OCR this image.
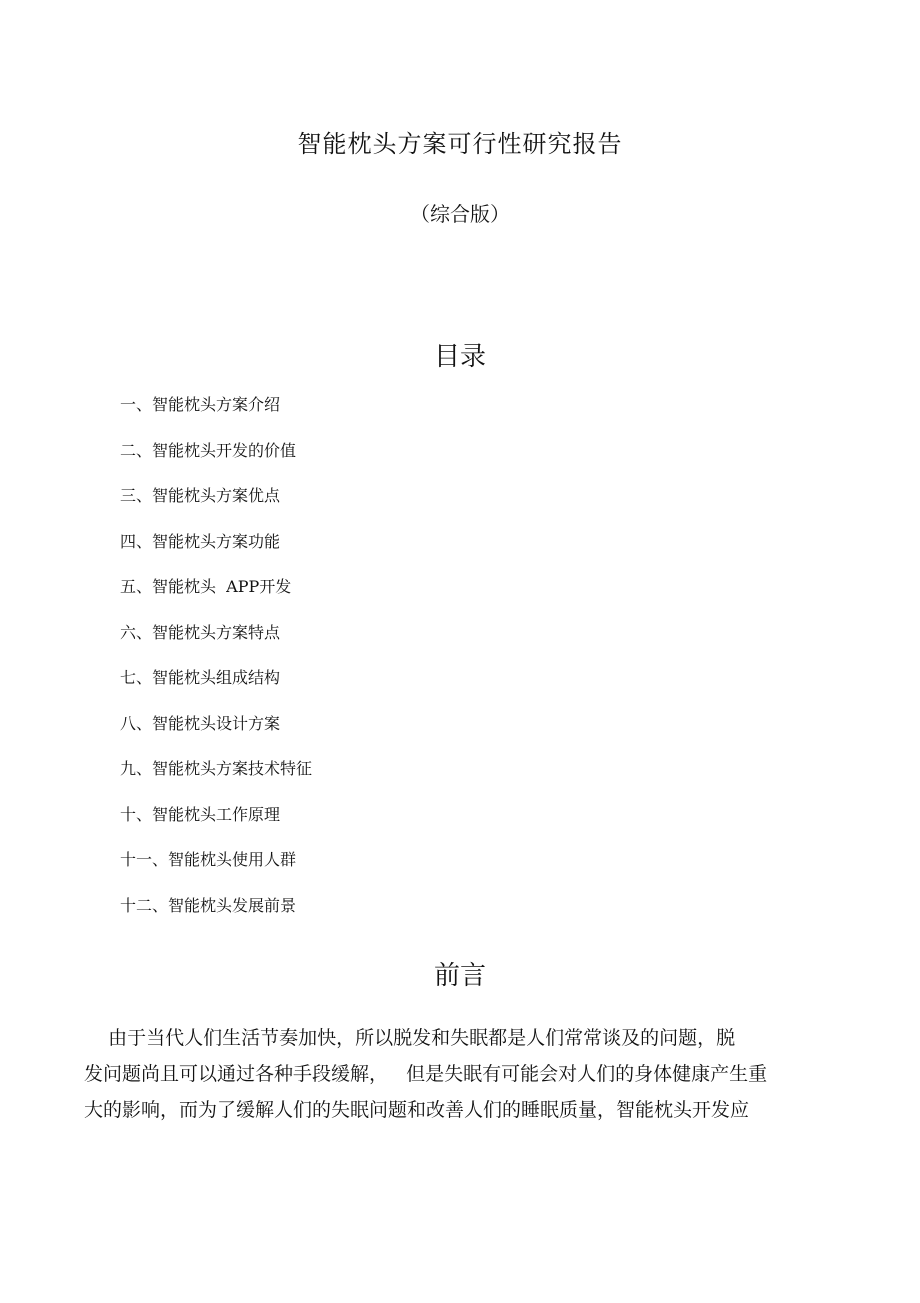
智能枕头方案可行性研究报告
（综合版）
目录
一、智能枕头方案介绍
二、智能枕头开发的价值
三、智能枕头方案优点
四、智能枕头方案功能
五、智能枕头  APP开发
六、智能枕头方案特点
七、智能枕头组成结构
八、智能枕头设计方案
九、智能枕头方案技术特征
十、智能枕头工作原理
十一、智能枕头使用人群
十二、智能枕头发展前景
前言

由于当代人们生活节奏加快，所以脱发和失眠都是人们常常谈及的问题，脱
发问题尚且可以通过各种手段缓解，   但是失眠有可能会对人们的身体健康产生重
大的影响，而为了缓解人们的失眠问题和改善人们的睡眠质量，智能枕头开发应
